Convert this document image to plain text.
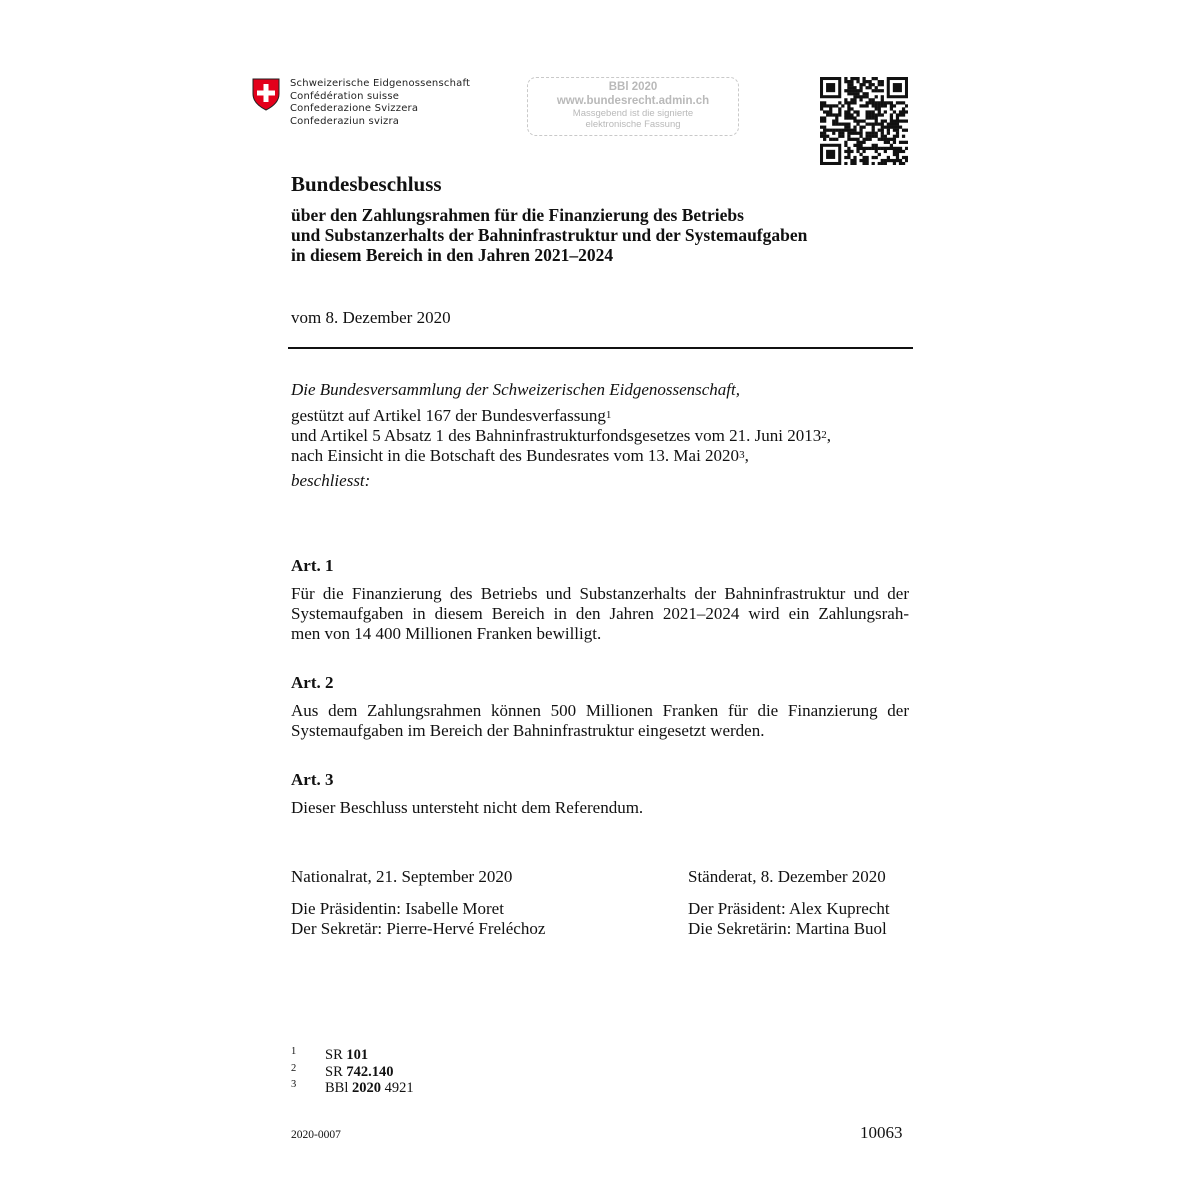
Schweizerische Eidgenossenschaft
Confédération suisse
Confederazione Svizzera
Confederaziun svizra
BBl 2020
www.bundesrecht.admin.ch
Massgebend ist die signierte
elektronische Fassung
Bundesbeschluss
über den Zahlungsrahmen für die Finanzierung des Betriebs
und Substanzerhalts der Bahninfrastruktur und der Systemaufgaben
in diesem Bereich in den Jahren 2021–2024
vom 8. Dezember 2020
Die Bundesversammlung der Schweizerischen Eidgenossenschaft,
gestützt auf Artikel 167 der Bundesverfassung$^1$
und Artikel 5 Absatz 1 des Bahninfrastrukturfondsgesetzes vom 21. Juni 2013$^2$,
nach Einsicht in die Botschaft des Bundesrates vom 13. Mai 2020$^3$,
beschliesst:
Art. 1
Für die Finanzierung des Betriebs und Substanzerhalts der Bahninfrastruktur und der
Systemaufgaben in diesem Bereich in den Jahren 2021–2024 wird ein Zahlungsrah-
men von 14 400 Millionen Franken bewilligt.
Art. 2
Aus dem Zahlungsrahmen können 500 Millionen Franken für die Finanzierung der
Systemaufgaben im Bereich der Bahninfrastruktur eingesetzt werden.
Art. 3
Dieser Beschluss untersteht nicht dem Referendum.
Nationalrat, 21. September 2020
Die Präsidentin: Isabelle Moret
Der Sekretär: Pierre-Hervé Freléchoz
Ständerat, 8. Dezember 2020
Der Präsident: Alex Kuprecht
Die Sekretärin: Martina Buol
1	SR 101
2	SR 742.140
3	BBl 2020 4921
2020-0007	10063
